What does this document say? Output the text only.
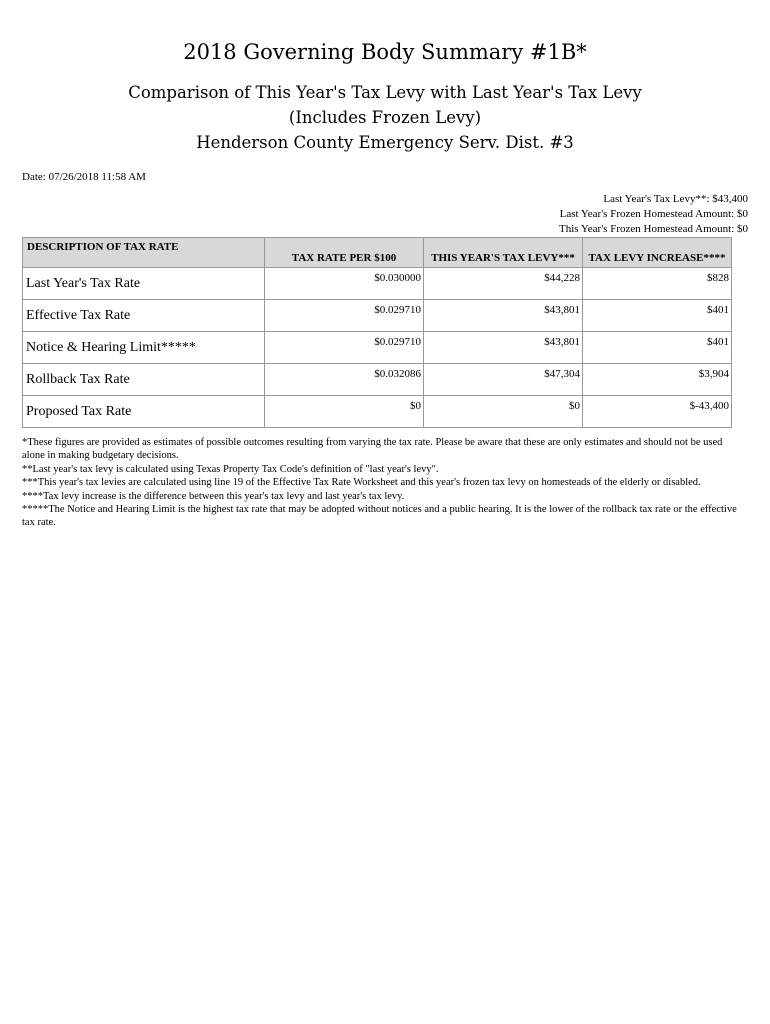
2018 Governing Body Summary #1B*
Comparison of This Year's Tax Levy with Last Year's Tax Levy
(Includes Frozen Levy)
Henderson County Emergency Serv. Dist. #3
Date: 07/26/2018 11:58 AM
Last Year's Tax Levy**: $43,400
Last Year's Frozen Homestead Amount: $0
This Year's Frozen Homestead Amount: $0
DESCRIPTION OF TAX RATE	TAX RATE PER $100	THIS YEAR'S TAX LEVY***	TAX LEVY INCREASE****
Last Year's Tax Rate	$0.030000	$44,228	$828
Effective Tax Rate	$0.029710	$43,801	$401
Notice & Hearing Limit*****	$0.029710	$43,801	$401
Rollback Tax Rate	$0.032086	$47,304	$3,904
Proposed Tax Rate	$0	$0	$-43,400

*These figures are provided as estimates of possible outcomes resulting from varying the tax rate. Please be aware that these are only estimates and should not be used alone in making budgetary decisions.

**Last year's tax levy is calculated using Texas Property Tax Code's definition of "last year's levy".

***This year's tax levies are calculated using line 19 of the Effective Tax Rate Worksheet and this year's frozen tax levy on homesteads of the elderly or disabled.

****Tax levy increase is the difference between this year's tax levy and last year's tax levy.

*****The Notice and Hearing Limit is the highest tax rate that may be adopted without notices and a public hearing. It is the lower of the rollback tax rate or the effective tax rate.
